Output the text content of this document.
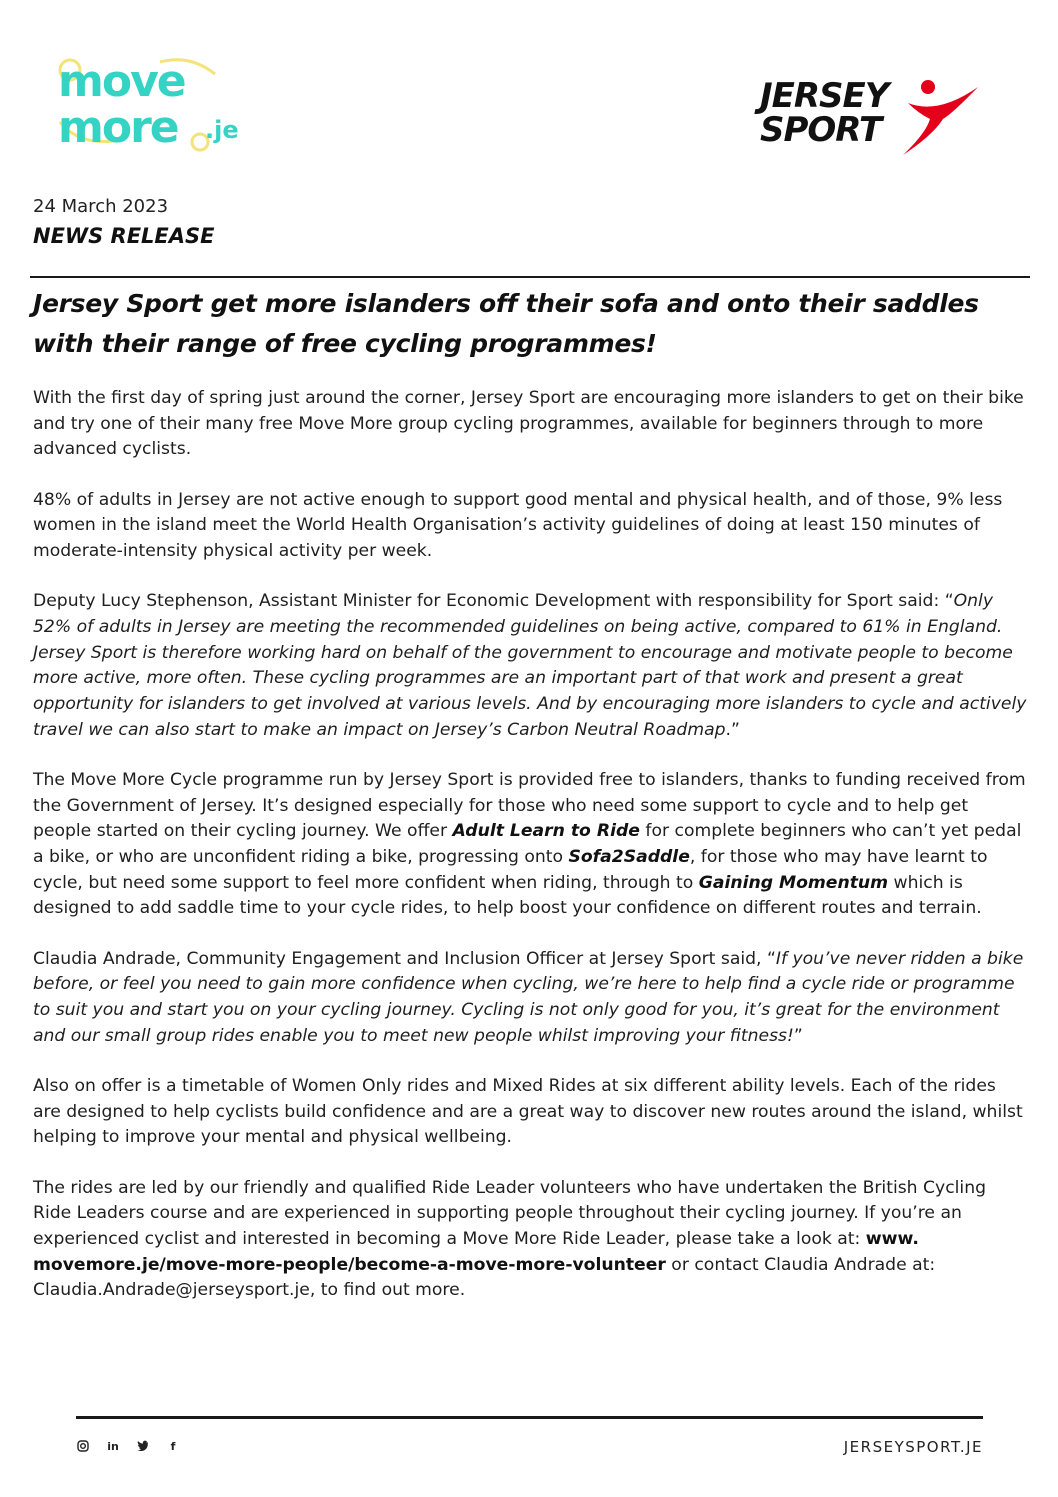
move
more .je
JERSEY
SPORT
24 March 2023
NEWS RELEASE
Jersey Sport get more islanders off their sofa and onto their saddles with their range of free cycling programmes!

With the first day of spring just around the corner, Jersey Sport are encouraging more islanders to get on their bike and try one of their many free Move More group cycling programmes, available for beginners through to more advanced cyclists.

48% of adults in Jersey are not active enough to support good mental and physical health, and of those, 9% less women in the island meet the World Health Organisation’s activity guidelines of doing at least 150 minutes of moderate-intensity physical activity per week.

Deputy Lucy Stephenson, Assistant Minister for Economic Development with responsibility for Sport said: “Only 52% of adults in Jersey are meeting the recommended guidelines on being active, compared to 61% in England. Jersey Sport is therefore working hard on behalf of the government to encourage and motivate people to become more active, more often. These cycling programmes are an important part of that work and present a great opportunity for islanders to get involved at various levels. And by encouraging more islanders to cycle and actively travel we can also start to make an impact on Jersey’s Carbon Neutral Roadmap.”

The Move More Cycle programme run by Jersey Sport is provided free to islanders, thanks to funding received from the Government of Jersey. It’s designed especially for those who need some support to cycle and to help get people started on their cycling journey. We offer Adult Learn to Ride for complete beginners who can’t yet pedal a bike, or who are unconfident riding a bike, progressing onto Sofa2Saddle, for those who may have learnt to cycle, but need some support to feel more confident when riding, through to Gaining Momentum which is designed to add saddle time to your cycle rides, to help boost your confidence on different routes and terrain.

Claudia Andrade, Community Engagement and Inclusion Officer at Jersey Sport said, “If you’ve never ridden a bike before, or feel you need to gain more confidence when cycling, we’re here to help find a cycle ride or programme to suit you and start you on your cycling journey. Cycling is not only good for you, it’s great for the environment and our small group rides enable you to meet new people whilst improving your fitness!”

Also on offer is a timetable of Women Only rides and Mixed Rides at six different ability levels. Each of the rides are designed to help cyclists build confidence and are a great way to discover new routes around the island, whilst helping to improve your mental and physical wellbeing.

The rides are led by our friendly and qualified Ride Leader volunteers who have undertaken the British Cycling Ride Leaders course and are experienced in supporting people throughout their cycling journey. If you’re an experienced cyclist and interested in becoming a Move More Ride Leader, please take a look at: www. movemore.je/move-more-people/become-a-move-more-volunteer or contact Claudia Andrade at: Claudia.Andrade@jerseysport.je, to find out more.

in	f	JERSEYSPORT.JE
